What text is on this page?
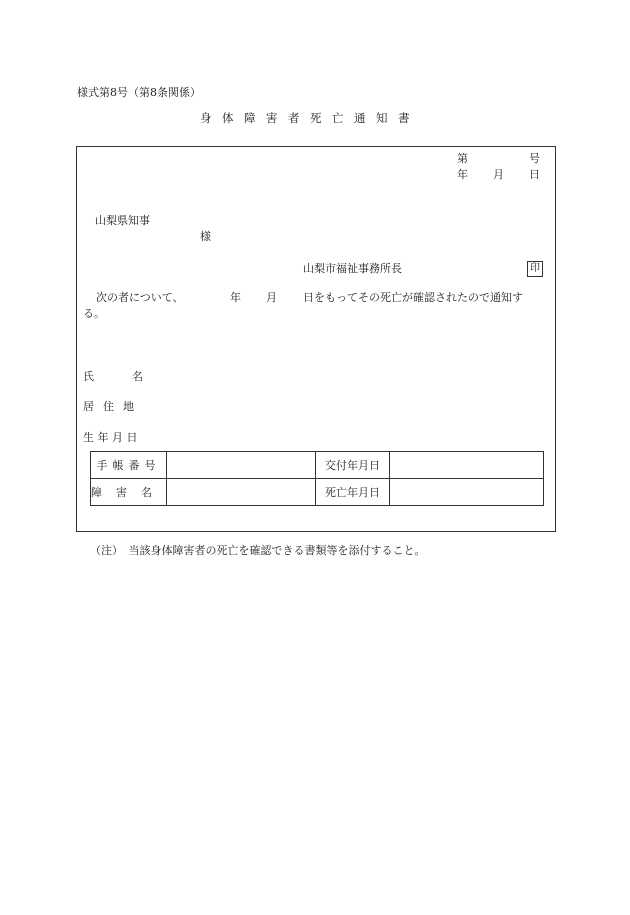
様式第8号（第8条関係）
身体障害者死亡通知書
第	号
年 月 日
山梨県知事
様
山梨市福祉事務所長	印
次の者について、	年 月 日をもってその死亡が確認されたので通知す
る。
氏名
居住地
生年月日
手帳番号		交付年月日	
障害名		死亡年月日	
（注）　当該身体障害者の死亡を確認できる書類等を添付すること。
